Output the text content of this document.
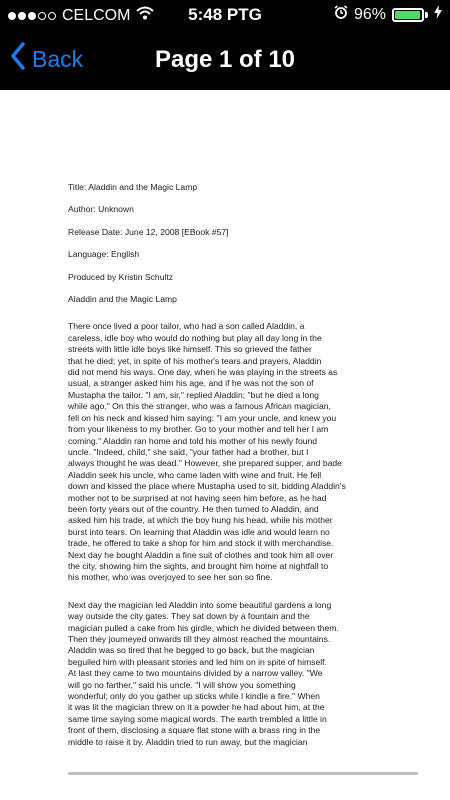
CELCOM	5:48 PTG	96%
Back	Page 1 of 10

Title: Aladdin and the Magic Lamp

Author: Unknown

Release Date: June 12, 2008 [EBook #57]

Language: English

Produced by Kristin Schultz

Aladdin and the Magic Lamp

There once lived a poor tailor, who had a son called Aladdin, a
careless, idle boy who would do nothing but play all day long in the
streets with little idle boys like himself. This so grieved the father
that he died; yet, in spite of his mother's tears and prayers, Aladdin
did not mend his ways. One day, when he was playing in the streets as
usual, a stranger asked him his age, and if he was not the son of
Mustapha the tailor. "I am, sir," replied Aladdin; "but he died a long
while ago." On this the stranger, who was a famous African magician,
fell on his neck and kissed him saying: "I am your uncle, and knew you
from your likeness to my brother. Go to your mother and tell her I am
coming." Aladdin ran home and told his mother of his newly found
uncle. "Indeed, child," she said, "your father had a brother, but I
always thought he was dead." However, she prepared supper, and bade
Aladdin seek his uncle, who came laden with wine and fruit. He fell
down and kissed the place where Mustapha used to sit, bidding Aladdin's
mother not to be surprised at not having seen him before, as he had
been forty years out of the country. He then turned to Aladdin, and
asked him his trade, at which the boy hung his head, while his mother
burst into tears. On learning that Aladdin was idle and would learn no
trade, he offered to take a shop for him and stock it with merchandise.
Next day he bought Aladdin a fine suit of clothes and took him all over
the city, showing him the sights, and brought him home at nightfall to
his mother, who was overjoyed to see her son so fine.

Next day the magician led Aladdin into some beautiful gardens a long
way outside the city gates. They sat down by a fountain and the
magician pulled a cake from his girdle, which he divided between them.
Then they journeyed onwards till they almost reached the mountains.
Aladdin was so tired that he begged to go back, but the magician
beguiled him with pleasant stories and led him on in spite of himself.
At last they came to two mountains divided by a narrow valley. "We
will go no farther," said his uncle. "I will show you something
wonderful; only do you gather up sticks while I kindle a fire." When
it was lit the magician threw on it a powder he had about him, at the
same time saying some magical words. The earth trembled a little in
front of them, disclosing a square flat stone with a brass ring in the
middle to raise it by. Aladdin tried to run away, but the magician
